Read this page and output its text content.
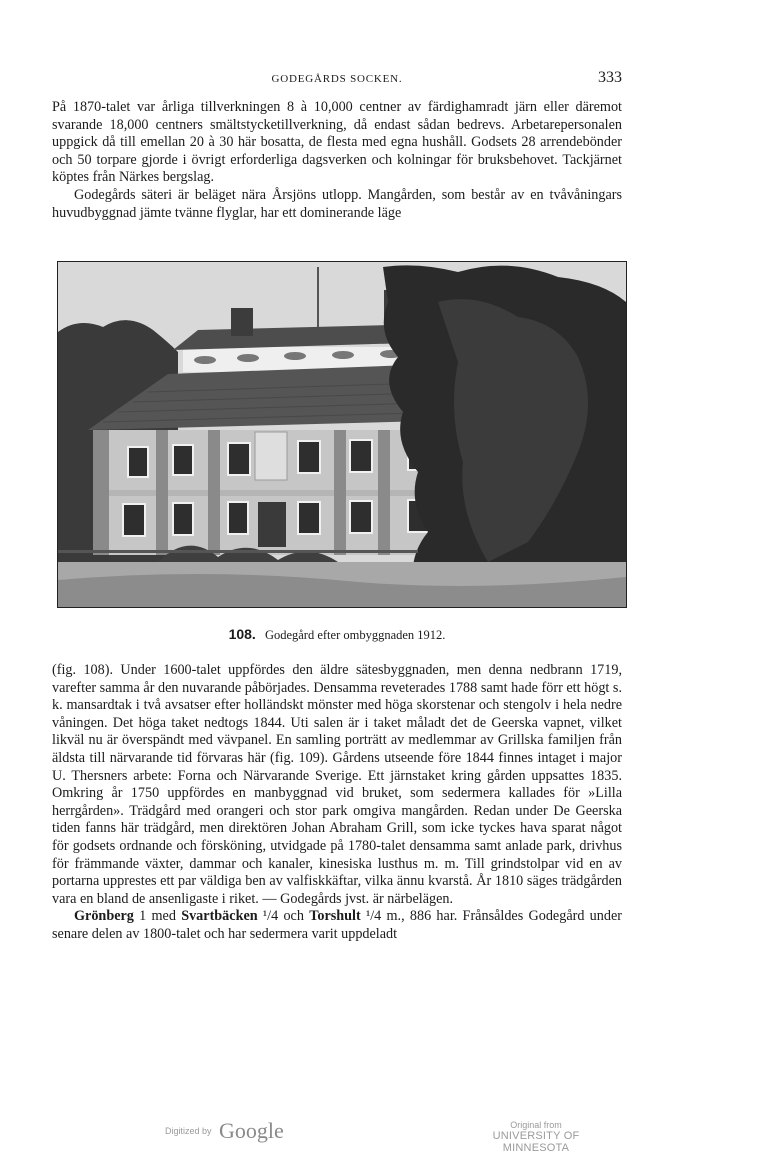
GODEGÅRDS SOCKEN.	333

På 1870-talet var årliga tillverkningen 8 à 10,000 centner av färdighamradt järn eller däremot svarande 18,000 centners smältstycketillverkning, då endast sådan bedrevs. Arbetarepersonalen uppgick då till emellan 20 à 30 här bosatta, de flesta med egna hushåll. Godsets 28 arrendebönder och 50 torpare gjorde i övrigt erforderliga dagsverken och kolningar för bruksbehovet. Tackjärnet köptes från Närkes bergslag.

Godegårds säteri är beläget nära Årsjöns utlopp. Mangården, som består av en tvåvåningars huvudbyggnad jämte tvänne flyglar, har ett dominerande läge

108. Godegård efter ombyggnaden 1912.

(fig. 108). Under 1600-talet uppfördes den äldre sätesbyggnaden, men denna nedbrann 1719, varefter samma år den nuvarande påbörjades. Densamma reveterades 1788 samt hade förr ett högt s. k. mansardtak i två avsatser efter holländskt mönster med höga skorstenar och stengolv i hela nedre våningen. Det höga taket nedtogs 1844. Uti salen är i taket måladt det de Geerska vapnet, vilket likväl nu är överspändt med vävpanel. En samling porträtt av medlemmar av Grillska familjen från äldsta till närvarande tid förvaras här (fig. 109). Gårdens utseende före 1844 finnes intaget i major U. Thersners arbete: Forna och Närvarande Sverige. Ett järnstaket kring gården uppsattes 1835. Omkring år 1750 uppfördes en manbyggnad vid bruket, som sedermera kallades för »Lilla herrgården». Trädgård med orangeri och stor park omgiva mangården. Redan under De Geerska tiden fanns här trädgård, men direktören Johan Abraham Grill, som icke tyckes hava sparat något för godsets ordnande och försköning, utvidgade på 1780-talet densamma samt anlade park, drivhus för främmande växter, dammar och kanaler, kinesiska lusthus m. m. Till grindstolpar vid en av portarna upprestes ett par väldiga ben av valfiskkäftar, vilka ännu kvarstå. År 1810 säges trädgården vara en bland de ansenligaste i riket. — Godegårds jvst. är närbelägen.

Grönberg 1 med Svartbäcken ¹/4 och Torshult ¹/4 m., 886 har. Frånsåldes Godegård under senare delen av 1800-talet och har sedermera varit uppdeladt

Digitized by Google	Original from
UNIVERSITY OF MINNESOTA
